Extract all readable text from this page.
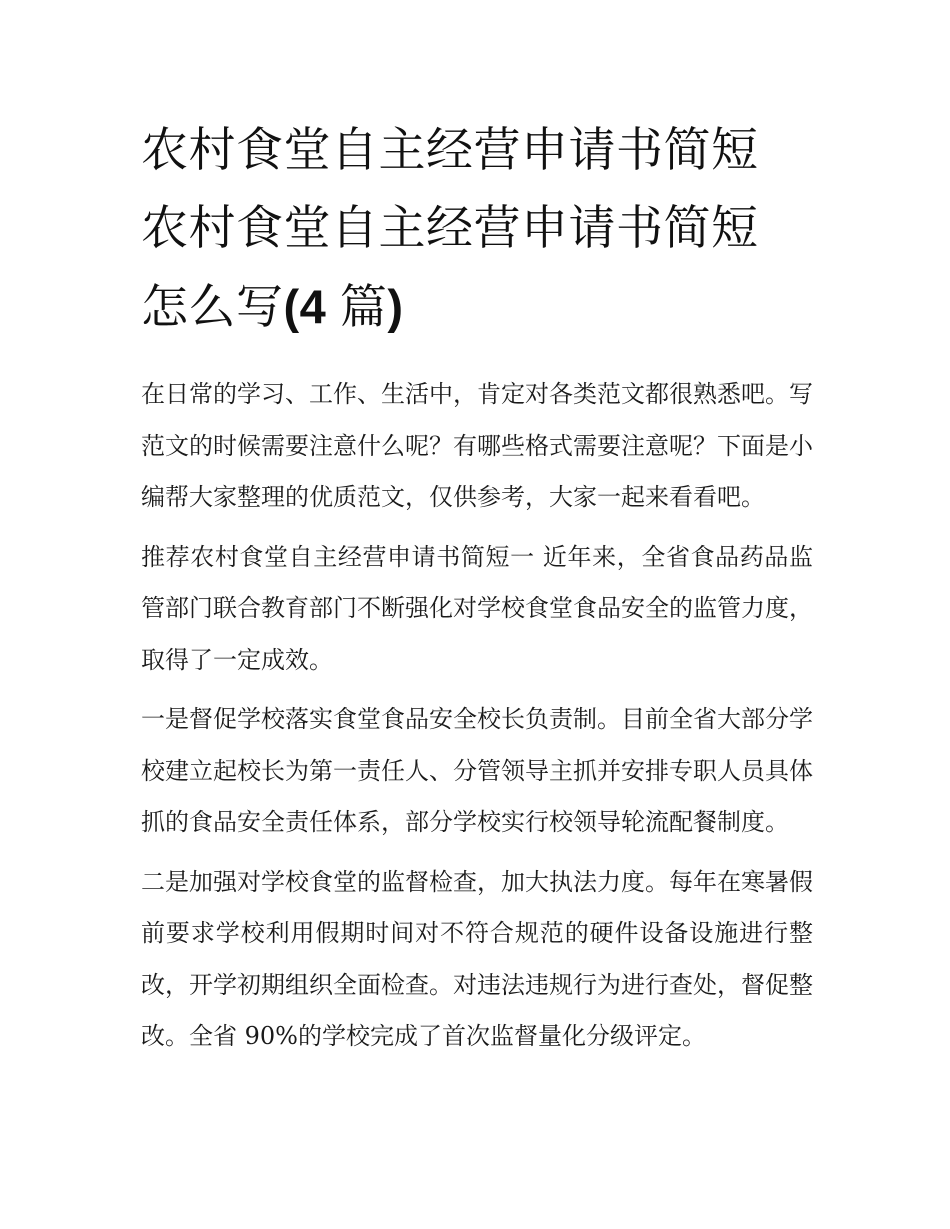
农村食堂自主经营申请书简短
农村食堂自主经营申请书简短
怎么写(4 篇)

在日常的学习、工作、生活中，肯定对各类范文都很熟悉吧。写范文的时候需要注意什么呢？有哪些格式需要注意呢？下面是小编帮大家整理的优质范文，仅供参考，大家一起来看看吧。

推荐农村食堂自主经营申请书简短一 近年来，全省食品药品监管部门联合教育部门不断强化对学校食堂食品安全的监管力度，取得了一定成效。

一是督促学校落实食堂食品安全校长负责制。目前全省大部分学校建立起校长为第一责任人、分管领导主抓并安排专职人员具体抓的食品安全责任体系，部分学校实行校领导轮流配餐制度。

二是加强对学校食堂的监督检查，加大执法力度。每年在寒暑假前要求学校利用假期时间对不符合规范的硬件设备设施进行整改，开学初期组织全面检查。对违法违规行为进行查处，督促整改。全省 90%的学校完成了首次监督量化分级评定。
